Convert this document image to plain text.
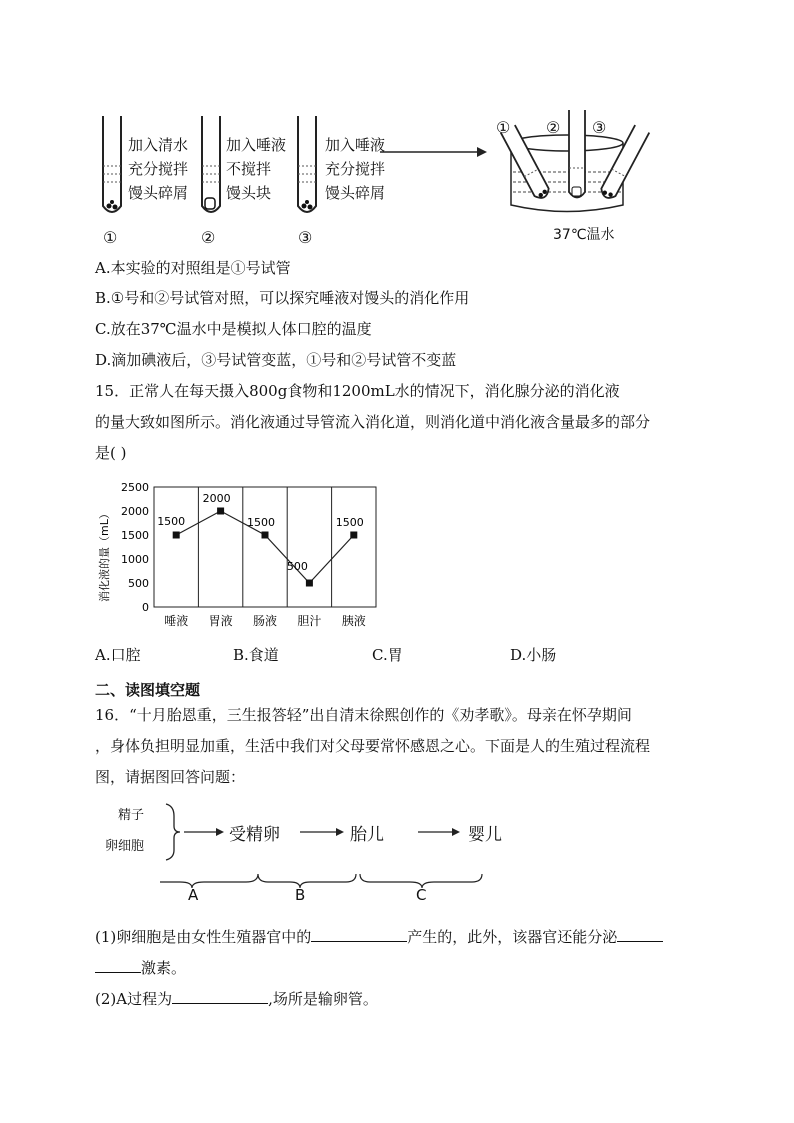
加入清水
充分搅拌
馒头碎屑
加入唾液
不搅拌
馒头块
加入唾液
充分搅拌
馒头碎屑
①	②	③
① ② ③
37℃温水
A.本实验的对照组是①号试管
B.①号和②号试管对照，可以探究唾液对馒头的消化作用
C.放在37℃温水中是模拟人体口腔的温度
D.滴加碘液后，③号试管变蓝，①号和②号试管不变蓝
15．正常人在每天摄入800g食物和1200mL水的情况下，消化腺分泌的消化液
的量大致如图所示。消化液通过导管流入消化道，则消化道中消化液含量最多的部分
是( )
2500
2000
1500
1000
500
0
唾液 胃液 肠液 胆汁 胰液
1500
2000
1500
500
1500
消化液的量（mL）
A.口腔	B.食道	C.胃	D.小肠
二、读图填空题
16．“十月胎恩重，三生报答轻”出自清末徐熙创作的《劝孝歌》。母亲在怀孕期间
，身体负担明显加重，生活中我们对父母要常怀感恩之心。下面是人的生殖过程流程
图，请据图回答问题：
精子
卵细胞
受精卵	胎儿	婴儿
A	B	C
(1)卵细胞是由女性生殖器官中的	产生的，此外，该器官还能分泌
激素。
(2)A过程为	,场所是输卵管。
